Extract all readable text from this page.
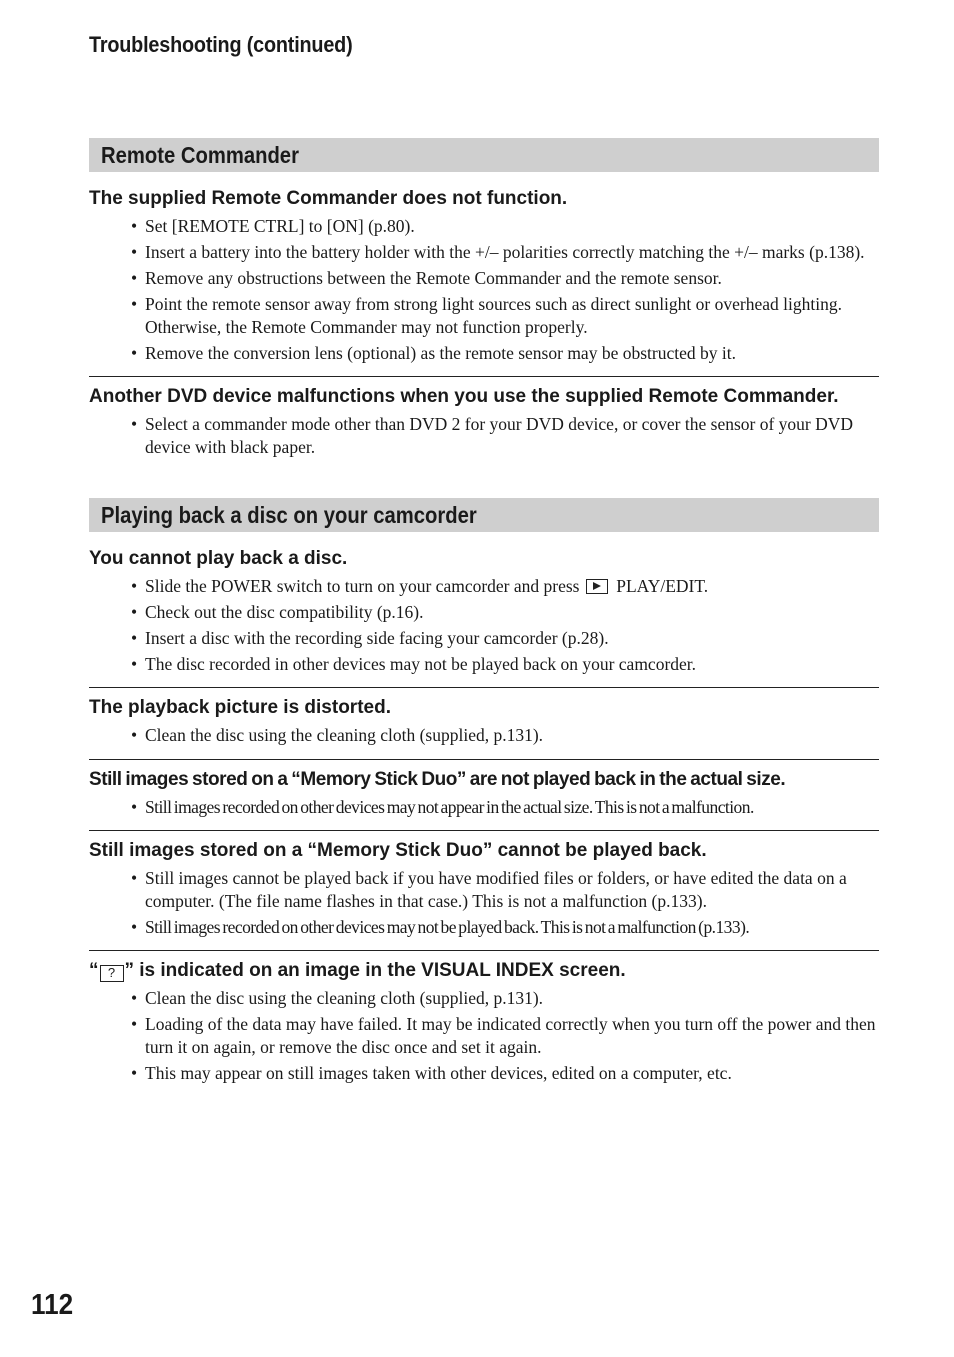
Troubleshooting (continued)
Remote Commander
The supplied Remote Commander does not function.
• Set [REMOTE CTRL] to [ON] (p.80).
• Insert a battery into the battery holder with the +/– polarities correctly matching the +/– marks (p.138).
• Remove any obstructions between the Remote Commander and the remote sensor.
• Point the remote sensor away from strong light sources such as direct sunlight or overhead lighting. Otherwise, the Remote Commander may not function properly.
• Remove the conversion lens (optional) as the remote sensor may be obstructed by it.
Another DVD device malfunctions when you use the supplied Remote Commander.
• Select a commander mode other than DVD 2 for your DVD device, or cover the sensor of your DVD device with black paper.
Playing back a disc on your camcorder
You cannot play back a disc.
• Slide the POWER switch to turn on your camcorder and press PLAY/EDIT.
• Check out the disc compatibility (p.16).
• Insert a disc with the recording side facing your camcorder (p.28).
• The disc recorded in other devices may not be played back on your camcorder.
The playback picture is distorted.
• Clean the disc using the cleaning cloth (supplied, p.131).
Still images stored on a “Memory Stick Duo” are not played back in the actual size.
• Still images recorded on other devices may not appear in the actual size. This is not a malfunction.
Still images stored on a “Memory Stick Duo” cannot be played back.
• Still images cannot be played back if you have modified files or folders, or have edited the data on a computer. (The file name flashes in that case.) This is not a malfunction (p.133).
• Still images recorded on other devices may not be played back. This is not a malfunction (p.133).
“ ? ” is indicated on an image in the VISUAL INDEX screen.
• Clean the disc using the cleaning cloth (supplied, p.131).
• Loading of the data may have failed. It may be indicated correctly when you turn off the power and then turn it on again, or remove the disc once and set it again.
• This may appear on still images taken with other devices, edited on a computer, etc.
112
